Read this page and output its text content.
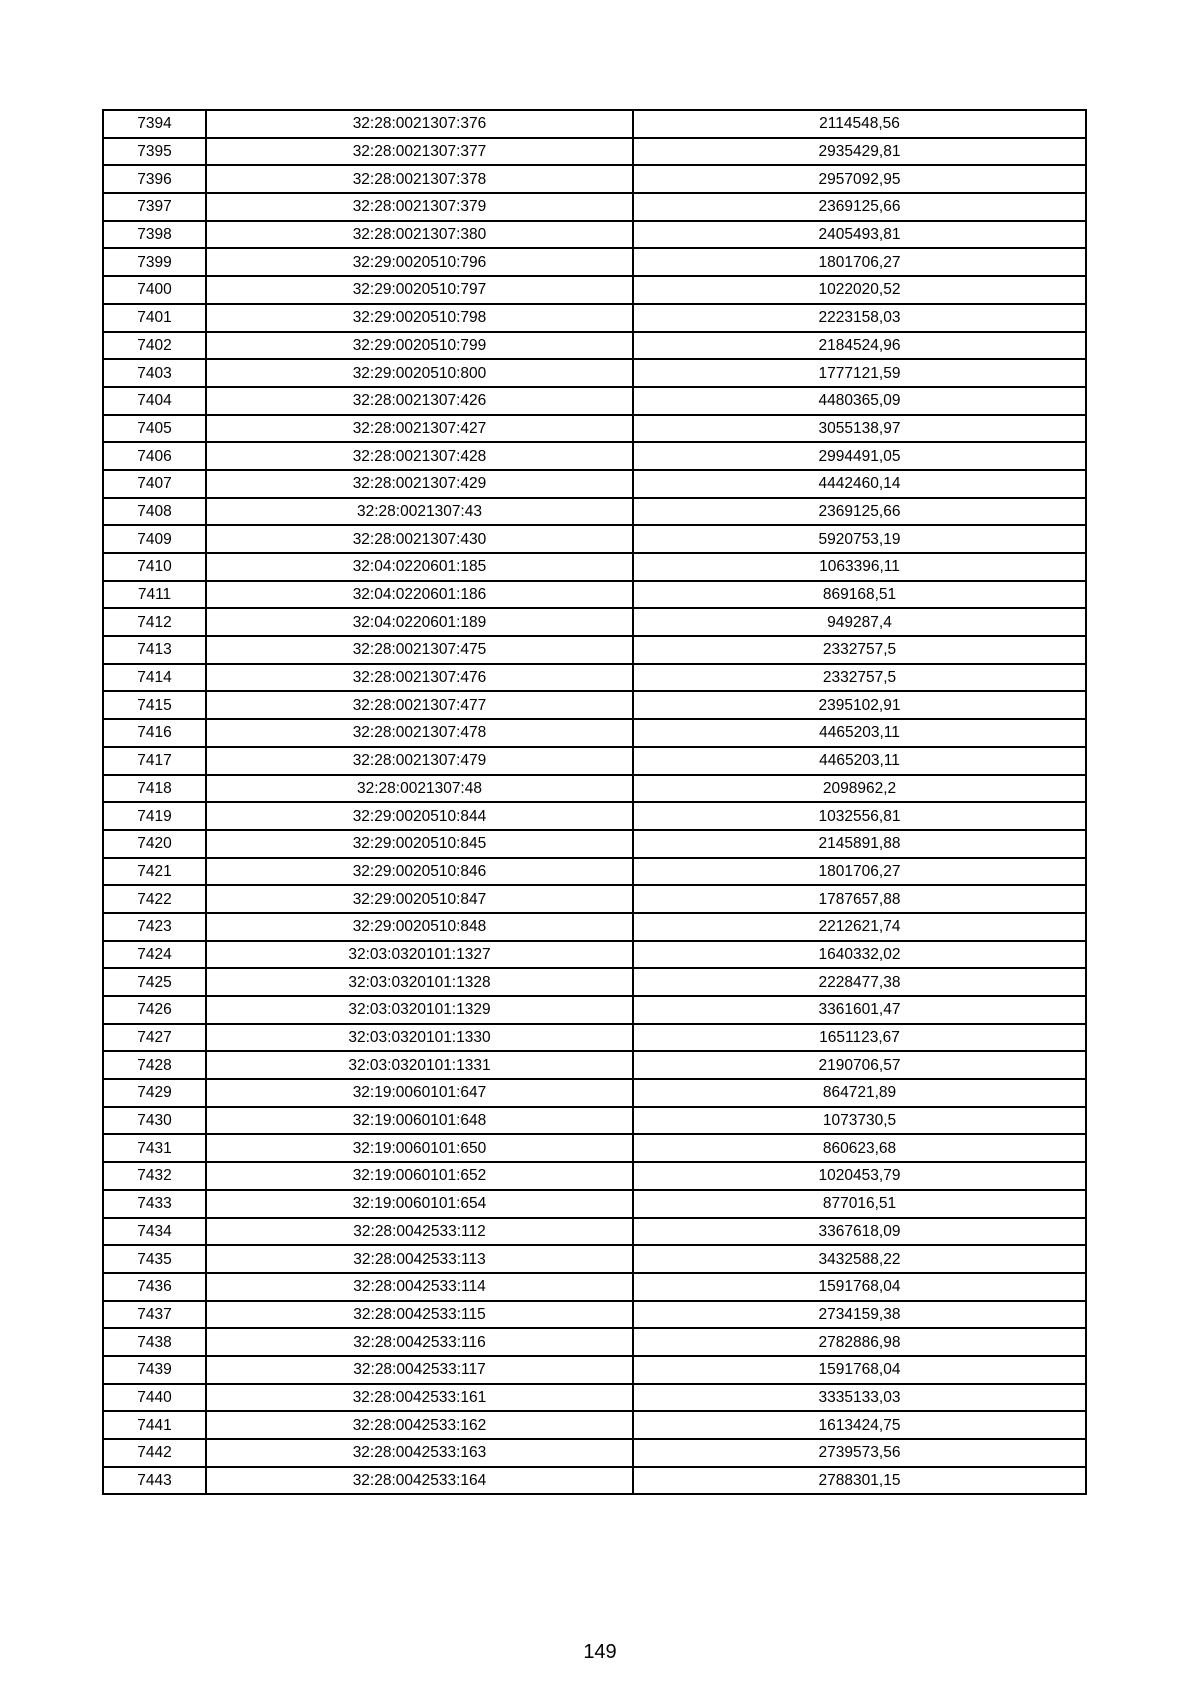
7394	32:28:0021307:376	2114548,56
7395	32:28:0021307:377	2935429,81
7396	32:28:0021307:378	2957092,95
7397	32:28:0021307:379	2369125,66
7398	32:28:0021307:380	2405493,81
7399	32:29:0020510:796	1801706,27
7400	32:29:0020510:797	1022020,52
7401	32:29:0020510:798	2223158,03
7402	32:29:0020510:799	2184524,96
7403	32:29:0020510:800	1777121,59
7404	32:28:0021307:426	4480365,09
7405	32:28:0021307:427	3055138,97
7406	32:28:0021307:428	2994491,05
7407	32:28:0021307:429	4442460,14
7408	32:28:0021307:43	2369125,66
7409	32:28:0021307:430	5920753,19
7410	32:04:0220601:185	1063396,11
7411	32:04:0220601:186	869168,51
7412	32:04:0220601:189	949287,4
7413	32:28:0021307:475	2332757,5
7414	32:28:0021307:476	2332757,5
7415	32:28:0021307:477	2395102,91
7416	32:28:0021307:478	4465203,11
7417	32:28:0021307:479	4465203,11
7418	32:28:0021307:48	2098962,2
7419	32:29:0020510:844	1032556,81
7420	32:29:0020510:845	2145891,88
7421	32:29:0020510:846	1801706,27
7422	32:29:0020510:847	1787657,88
7423	32:29:0020510:848	2212621,74
7424	32:03:0320101:1327	1640332,02
7425	32:03:0320101:1328	2228477,38
7426	32:03:0320101:1329	3361601,47
7427	32:03:0320101:1330	1651123,67
7428	32:03:0320101:1331	2190706,57
7429	32:19:0060101:647	864721,89
7430	32:19:0060101:648	1073730,5
7431	32:19:0060101:650	860623,68
7432	32:19:0060101:652	1020453,79
7433	32:19:0060101:654	877016,51
7434	32:28:0042533:112	3367618,09
7435	32:28:0042533:113	3432588,22
7436	32:28:0042533:114	1591768,04
7437	32:28:0042533:115	2734159,38
7438	32:28:0042533:116	2782886,98
7439	32:28:0042533:117	1591768,04
7440	32:28:0042533:161	3335133,03
7441	32:28:0042533:162	1613424,75
7442	32:28:0042533:163	2739573,56
7443	32:28:0042533:164	2788301,15
149
